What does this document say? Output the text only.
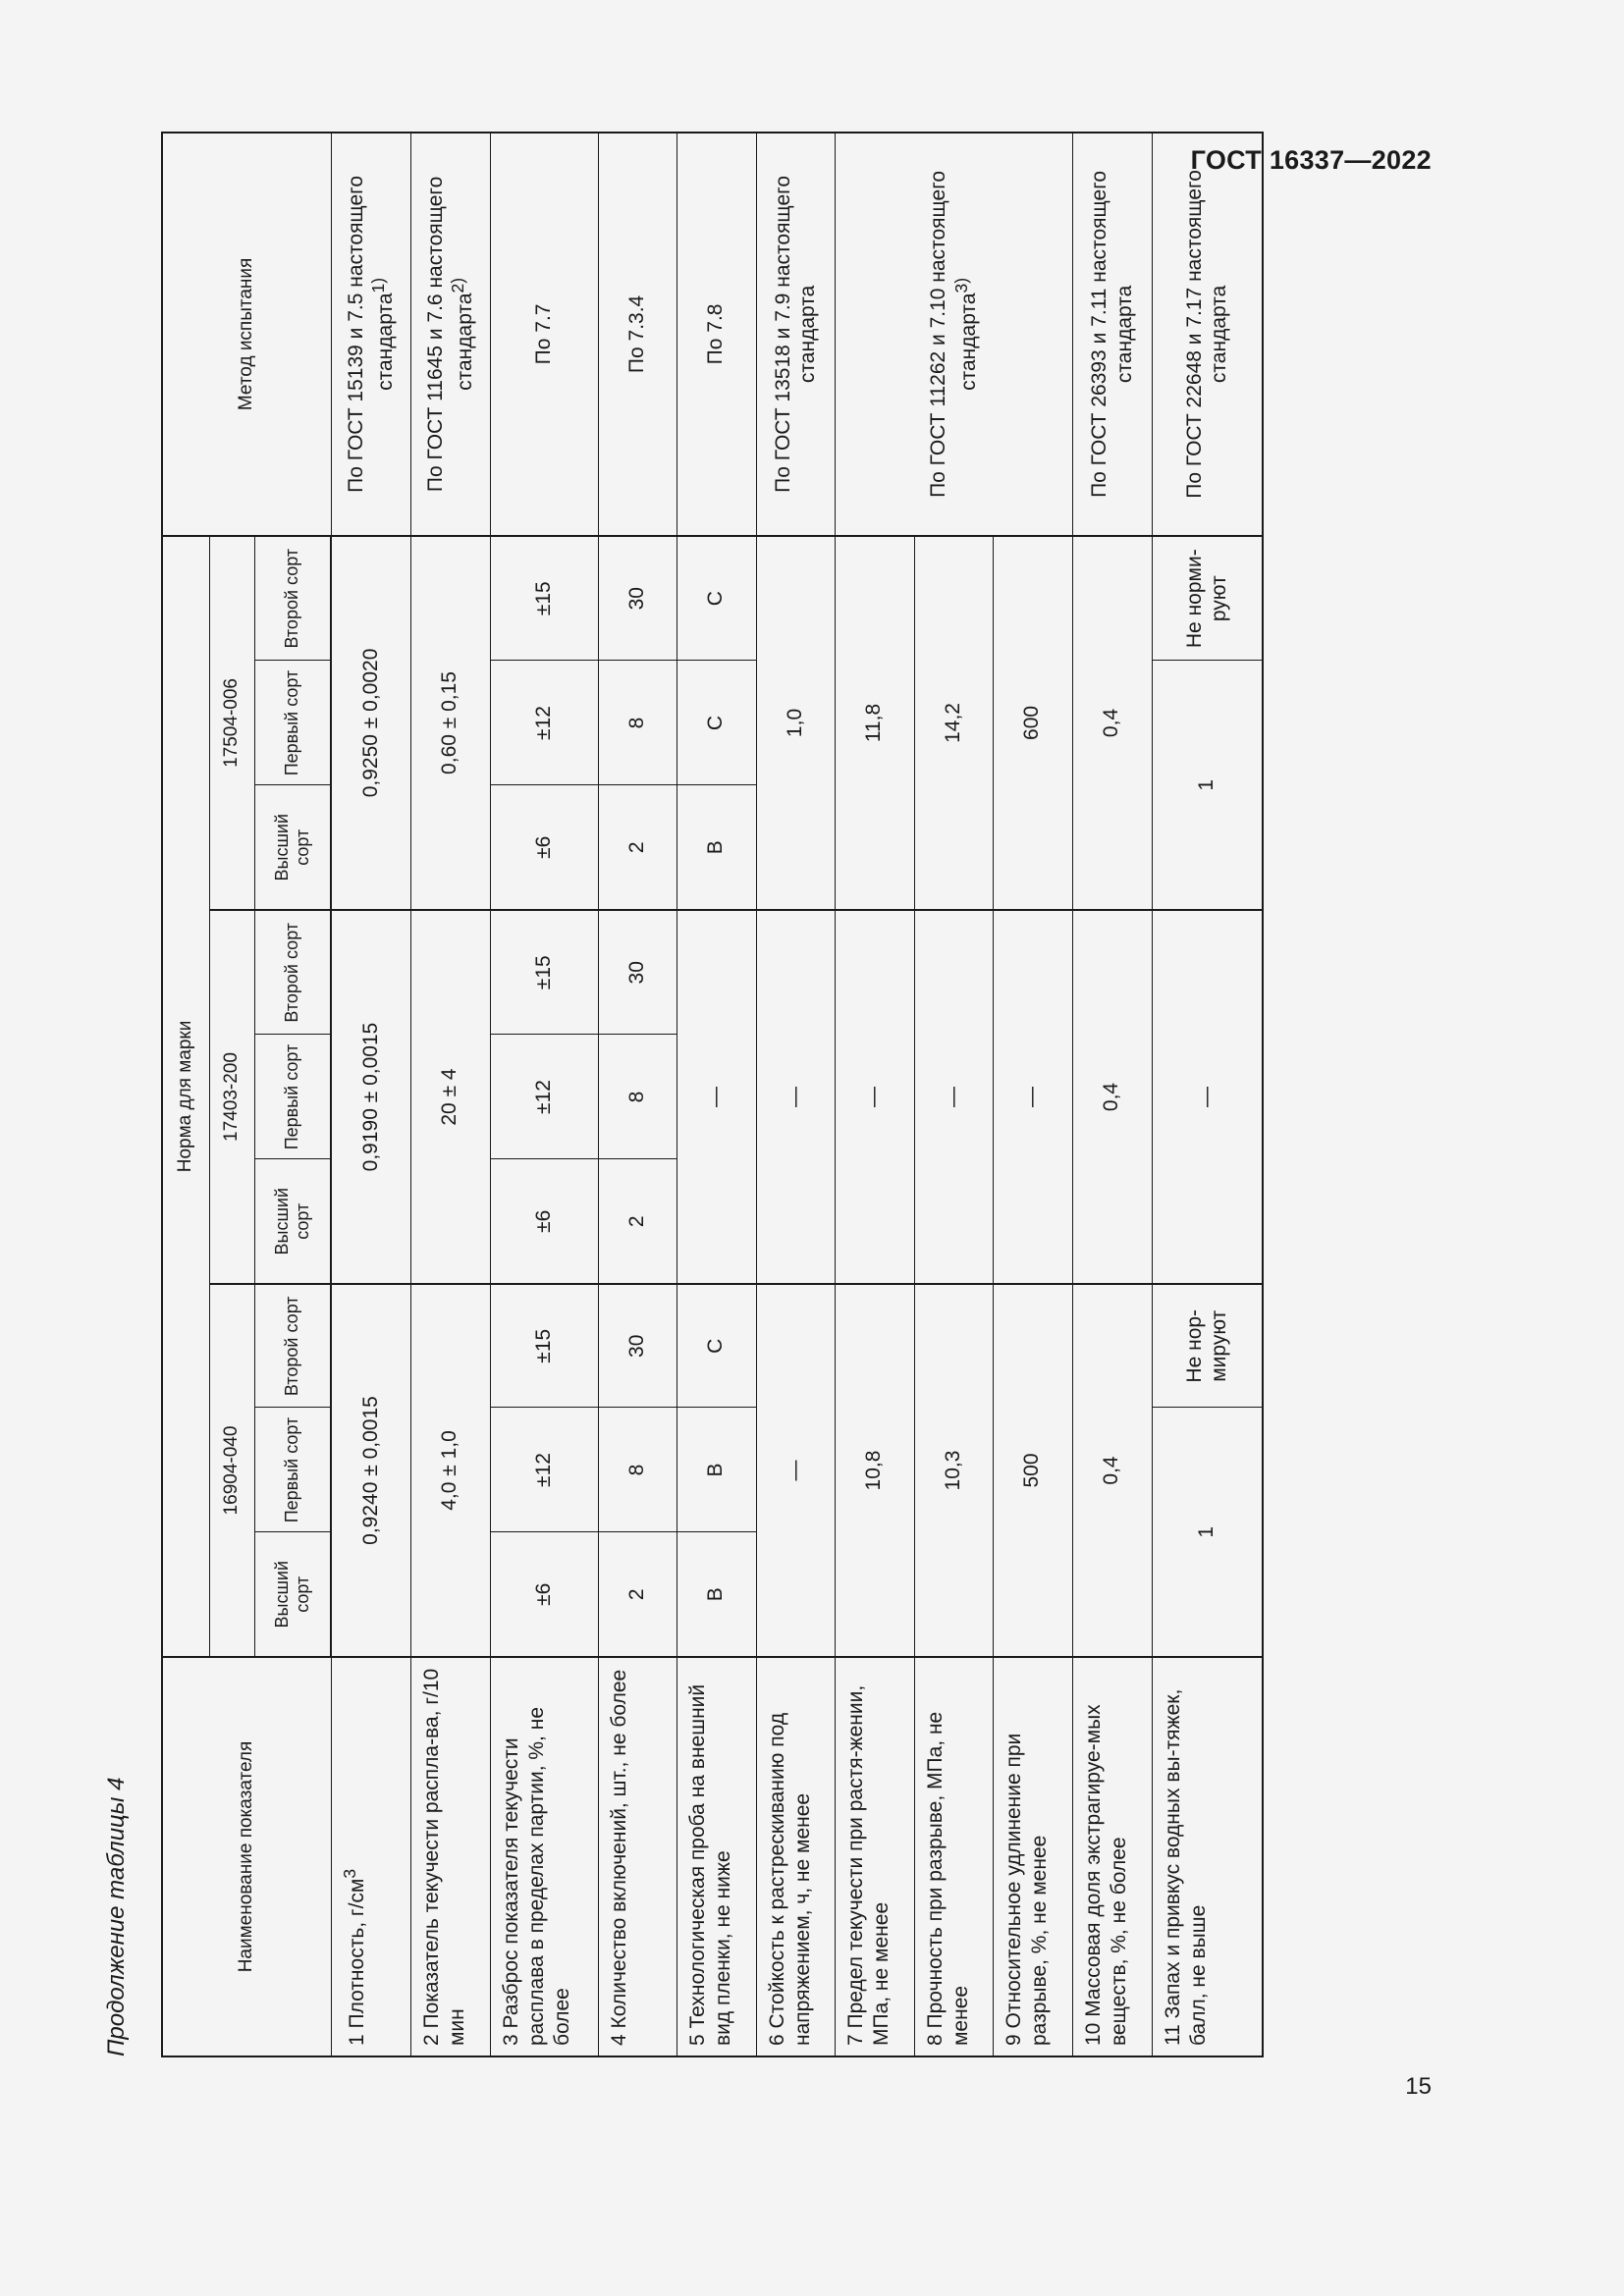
ГОСТ 16337—2022
Продолжение таблицы 4	Наименование показателя	Норма для марки									Метод испытания
	16904-040			17403-200			17504-006			
	Высший сорт	Первый сорт	Второй сорт	Высший сорт	Первый сорт	Второй сорт	Высший сорт	Первый сорт	Второй сорт	
1 Плотность, $г/см^3$	0,9240 ± 0,0015			0,9190 ± 0,0015			0,9250 ± 0,0020			По ГОСТ 15139 и 7.5 настоящего стандарта$^{1)}$
2 Показатель текучести распла-ва, г/10 мин	4,0 ± 1,0			20 ± 4			0,60 ± 0,15			По ГОСТ 11645 и 7.6 настоящего стандарта$^{2)}$
3 Разброс показателя текучести расплава в пределах партии, %, не более	±6	±12	±15	±6	±12	±15	±6	±12	±15	По 7.7
4 Количество включений, шт., не более	2	8	30	2	8	30	2	8	30	По 7.3.4
5 Технологическая проба на внешний вид пленки, не ниже	В	В	С	—			В	С	С	По 7.8
6 Стойкость к растрескиванию под напряжением, ч, не менее	—			—			1,0			По ГОСТ 13518 и 7.9 настоящего стандарта
7 Предел текучести при растя-жении, МПа, не менее	10,8			—			11,8			По ГОСТ 11262 и 7.10 настоящего стандарта$^{3)}$
8 Прочность при разрыве, МПа, не менее	10,3			—			14,2			
9 Относительное удлинение при разрыве, %, не менее	500			—			600			
10 Массовая доля экстрагируе-мых веществ, %, не более	0,4			0,4			0,4			По ГОСТ 26393 и 7.11 настоящего стандарта
11 Запах и привкус водных вы-тяжек, балл, не выше	1		Не нор-мируют	—			1		Не норми-руют	По ГОСТ 22648 и 7.17 настоящего стандарта
15
